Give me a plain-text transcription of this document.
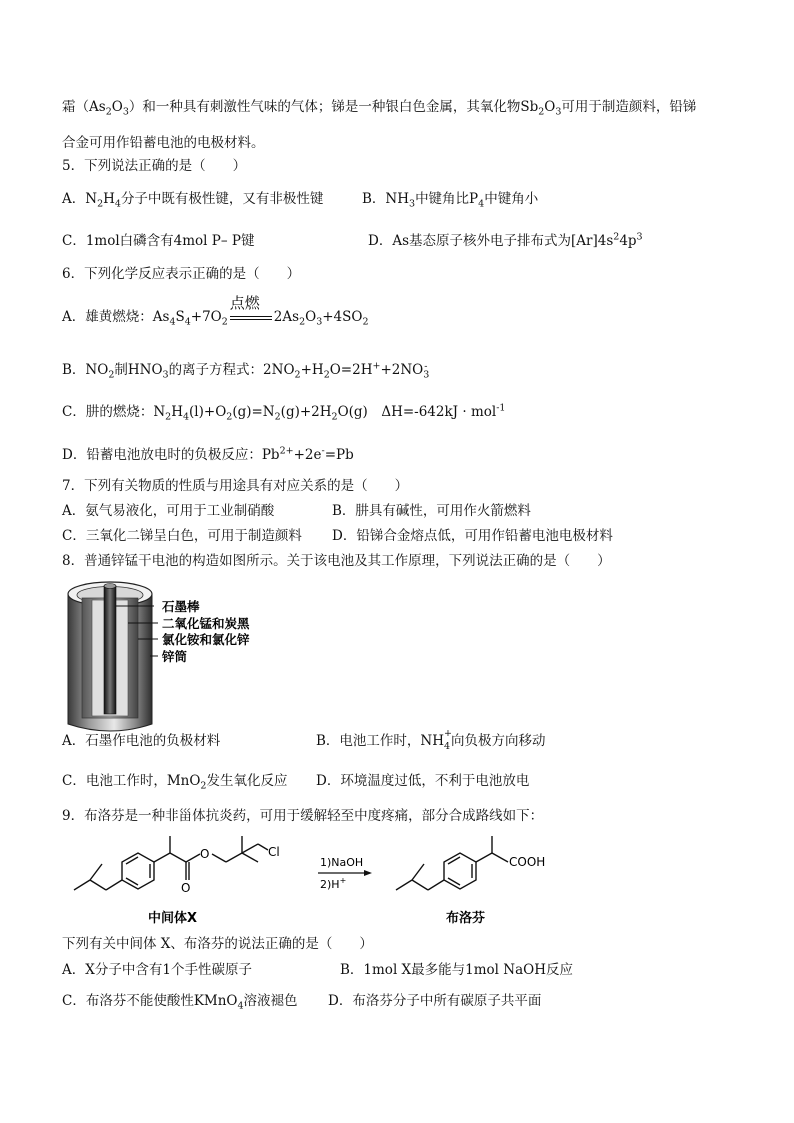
霜$(As_2O_3)$和一种具有刺激性气味的气体；锑是一种银白色金属，其氧化物$Sb_2O_3$可用于制造颜料，铅锑
合金可用作铅蓄电池的电极材料。
5．下列说法正确的是（　　）
A．$N_2H_4$分子中既有极性键，又有非极性键	B．$NH_3$中键角比$P_4$中键角小
C．1mol白磷含有4mol P– P键	D．As基态原子核外电子排布式为$[Ar]4s^24p^3$
6．下列化学反应表示正确的是（　　）
A．雄黄燃烧：$As_4S_4+7O_2$
点燃
$2As_2O_3+4SO_2$
B．$NO_2$制$HNO_3$的离子方程式：$2NO_2+H_2O=2H^++2NO_3^-$
C．肼的燃烧：$N_2H_4(l)+O_2(g)=N_2(g)+2H_2O(g)$　ΔH=-642kJ · mol$^{-1}$
D．铅蓄电池放电时的负极反应：$Pb^{2+}+2e^-=Pb$
7．下列有关物质的性质与用途具有对应关系的是（　　）
A．氨气易液化，可用于工业制硝酸	B．肼具有碱性，可用作火箭燃料
C．三氧化二锑呈白色，可用于制造颜料 D．铅锑合金熔点低，可用作铅蓄电池电极材料
8．普通锌锰干电池的构造如图所示。关于该电池及其工作原理，下列说法正确的是（　　）
石墨棒
二氧化锰和炭黑
氯化铵和氯化锌
锌筒
A．石墨作电池的负极材料	B．电池工作时，NH +
4 向负极方向移动
C．电池工作时，MnO$_2$发生氧化反应 D．环境温度过低，不利于电池放电
9．布洛芬是一种非甾体抗炎药，可用于缓解轻至中度疼痛，部分合成路线如下：
O
O
Cl
1)NaOH
2)H+
COOH
中间体X	布洛芬
下列有关中间体 X、布洛芬的说法正确的是（　　）
A．X分子中含有1个手性碳原子	B．1mol X最多能与1mol NaOH反应
C．布洛芬不能使酸性KMnO$_4$溶液褪色 D．布洛芬分子中所有碳原子共平面
